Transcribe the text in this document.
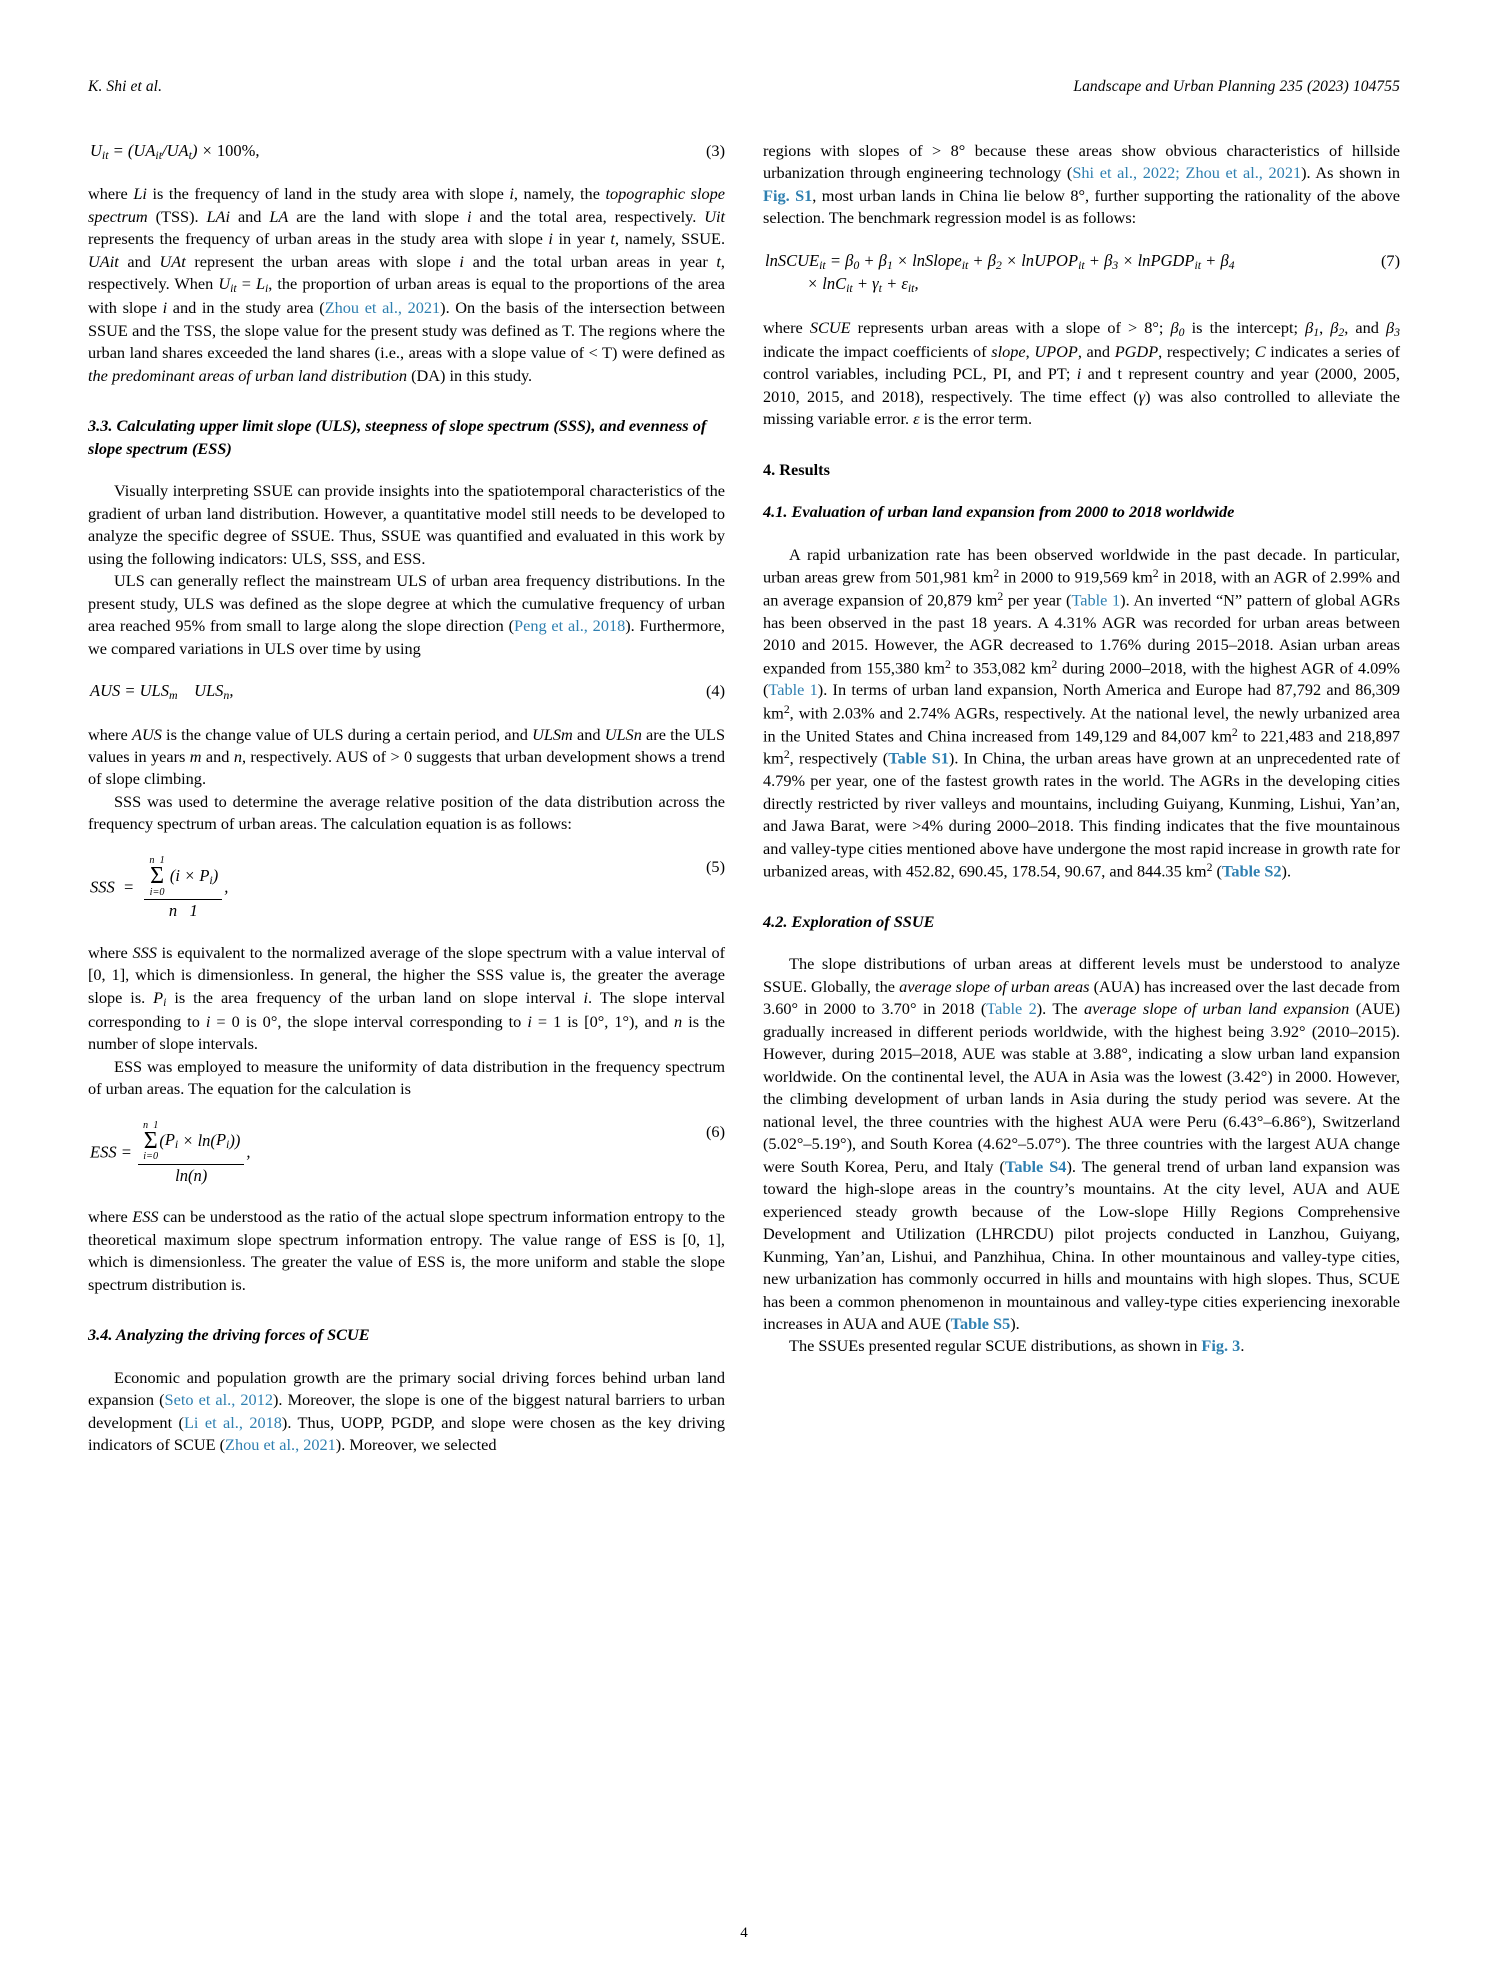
K. Shi et al.	Landscape and Urban Planning 235 (2023) 104755
$U_{it} = (UA_{it}/UA_t) \times 100\%$,	(3)

where Li is the frequency of land in the study area with slope i, namely, the topographic slope spectrum (TSS). LAi and LA are the land with slope i and the total area, respectively. Uit represents the frequency of urban areas in the study area with slope i in year t, namely, SSUE. UAit and UAt represent the urban areas with slope i and the total urban areas in year t, respectively. When $U_{it} = L_i$, the proportion of urban areas is equal to the proportions of the area with slope i and in the study area (Zhou et al., 2021). On the basis of the intersection between SSUE and the TSS, the slope value for the present study was defined as T. The regions where the urban land shares exceeded the land shares (i.e., areas with a slope value of < T) were defined as the predominant areas of urban land distribution (DA) in this study.

3.3. Calculating upper limit slope (ULS), steepness of slope spectrum (SSS), and evenness of slope spectrum (ESS)

Visually interpreting SSUE can provide insights into the spatiotemporal characteristics of the gradient of urban land distribution. However, a quantitative model still needs to be developed to analyze the specific degree of SSUE. Thus, SSUE was quantified and evaluated in this work by using the following indicators: ULS, SSS, and ESS.

ULS can generally reflect the mainstream ULS of urban area frequency distributions. In the present study, ULS was defined as the slope degree at which the cumulative frequency of urban area reached 95% from small to large along the slope direction (Peng et al., 2018). Furthermore, we compared variations in ULS over time by using

AUS = $ULS_m$ $ULS_n$,	(4)

where AUS is the change value of ULS during a certain period, and ULSm and ULSn are the ULS values in years m and n, respectively. AUS of > 0 suggests that urban development shows a trend of slope climbing.

SSS was used to determine the average relative position of the data distribution across the frequency spectrum of urban areas. The calculation equation is as follows:

SSS  = n  1
Σ
i=0
$(i \times P_i)$
n   1 ,
(5)

where SSS is equivalent to the normalized average of the slope spectrum with a value interval of [0, 1], which is dimensionless. In general, the higher the SSS value is, the greater the average slope is. $P_i$ is the area frequency of the urban land on slope interval i. The slope interval corresponding to i = 0 is 0°, the slope interval corresponding to i = 1 is [0°, 1°), and n is the number of slope intervals.

ESS was employed to measure the uniformity of data distribution in the frequency spectrum of urban areas. The equation for the calculation is

ESS = n  1
Σ
i=0
$(P_i \times \ln(P_i))$
ln(n) ,
(6)

where ESS can be understood as the ratio of the actual slope spectrum information entropy to the theoretical maximum slope spectrum information entropy. The value range of ESS is [0, 1], which is dimensionless. The greater the value of ESS is, the more uniform and stable the slope spectrum distribution is.

3.4. Analyzing the driving forces of SCUE

Economic and population growth are the primary social driving forces behind urban land expansion (Seto et al., 2012). Moreover, the slope is one of the biggest natural barriers to urban development (Li et al., 2018). Thus, UOPP, PGDP, and slope were chosen as the key driving indicators of SCUE (Zhou et al., 2021). Moreover, we selected

regions with slopes of > 8° because these areas show obvious characteristics of hillside urbanization through engineering technology (Shi et al., 2022; Zhou et al., 2021). As shown in Fig. S1, most urban lands in China lie below 8°, further supporting the rationality of the above selection. The benchmark regression model is as follows:

lnSCUE$_{it}$ = $\beta_0 + \beta_1$ × lnSlope$_{it}$ + $\beta_2$ × lnUPOP$_{it}$ + $\beta_3$ × lnPGDP$_{it}$ + $\beta_4$
× $\ln C_{it} + \gamma_t + \varepsilon_{it}$,
(7)

where SCUE represents urban areas with a slope of > 8°; $\beta_0$ is the intercept; $\beta_1$, $\beta_2$, and $\beta_3$ indicate the impact coefficients of slope, UPOP, and PGDP, respectively; C indicates a series of control variables, including PCL, PI, and PT; i and t represent country and year (2000, 2005, 2010, 2015, and 2018), respectively. The time effect (γ) was also controlled to alleviate the missing variable error. ε is the error term.

4. Results
4.1. Evaluation of urban land expansion from 2000 to 2018 worldwide

A rapid urbanization rate has been observed worldwide in the past decade. In particular, urban areas grew from 501,981 $km^2$ in 2000 to 919,569 $km^2$ in 2018, with an AGR of 2.99% and an average expansion of 20,879 $km^2$ per year (Table 1). An inverted “N” pattern of global AGRs has been observed in the past 18 years. A 4.31% AGR was recorded for urban areas between 2010 and 2015. However, the AGR decreased to 1.76% during 2015–2018. Asian urban areas expanded from 155,380 $km^2$ to 353,082 $km^2$ during 2000–2018, with the highest AGR of 4.09% (Table 1). In terms of urban land expansion, North America and Europe had 87,792 and 86,309 $km^2$, with 2.03% and 2.74% AGRs, respectively. At the national level, the newly urbanized area in the United States and China increased from 149,129 and 84,007 $km^2$ to 221,483 and 218,897 $km^2$, respectively (Table S1). In China, the urban areas have grown at an unprecedented rate of 4.79% per year, one of the fastest growth rates in the world. The AGRs in the developing cities directly restricted by river valleys and mountains, including Guiyang, Kunming, Lishui, Yan’an, and Jawa Barat, were >4% during 2000–2018. This finding indicates that the five mountainous and valley-type cities mentioned above have undergone the most rapid increase in growth rate for urbanized areas, with 452.82, 690.45, 178.54, 90.67, and 844.35 $km^2$ (Table S2).

4.2. Exploration of SSUE

The slope distributions of urban areas at different levels must be understood to analyze SSUE. Globally, the average slope of urban areas (AUA) has increased over the last decade from 3.60° in 2000 to 3.70° in 2018 (Table 2). The average slope of urban land expansion (AUE) gradually increased in different periods worldwide, with the highest being 3.92° (2010–2015). However, during 2015–2018, AUE was stable at 3.88°, indicating a slow urban land expansion worldwide. On the continental level, the AUA in Asia was the lowest (3.42°) in 2000. However, the climbing development of urban lands in Asia during the study period was severe. At the national level, the three countries with the highest AUA were Peru (6.43°–6.86°), Switzerland (5.02°–5.19°), and South Korea (4.62°–5.07°). The three countries with the largest AUA change were South Korea, Peru, and Italy (Table S4). The general trend of urban land expansion was toward the high-slope areas in the country’s mountains. At the city level, AUA and AUE experienced steady growth because of the Low-slope Hilly Regions Comprehensive Development and Utilization (LHRCDU) pilot projects conducted in Lanzhou, Guiyang, Kunming, Yan’an, Lishui, and Panzhihua, China. In other mountainous and valley-type cities, new urbanization has commonly occurred in hills and mountains with high slopes. Thus, SCUE has been a common phenomenon in mountainous and valley-type cities experiencing inexorable increases in AUA and AUE (Table S5).

The SSUEs presented regular SCUE distributions, as shown in Fig. 3.

4
